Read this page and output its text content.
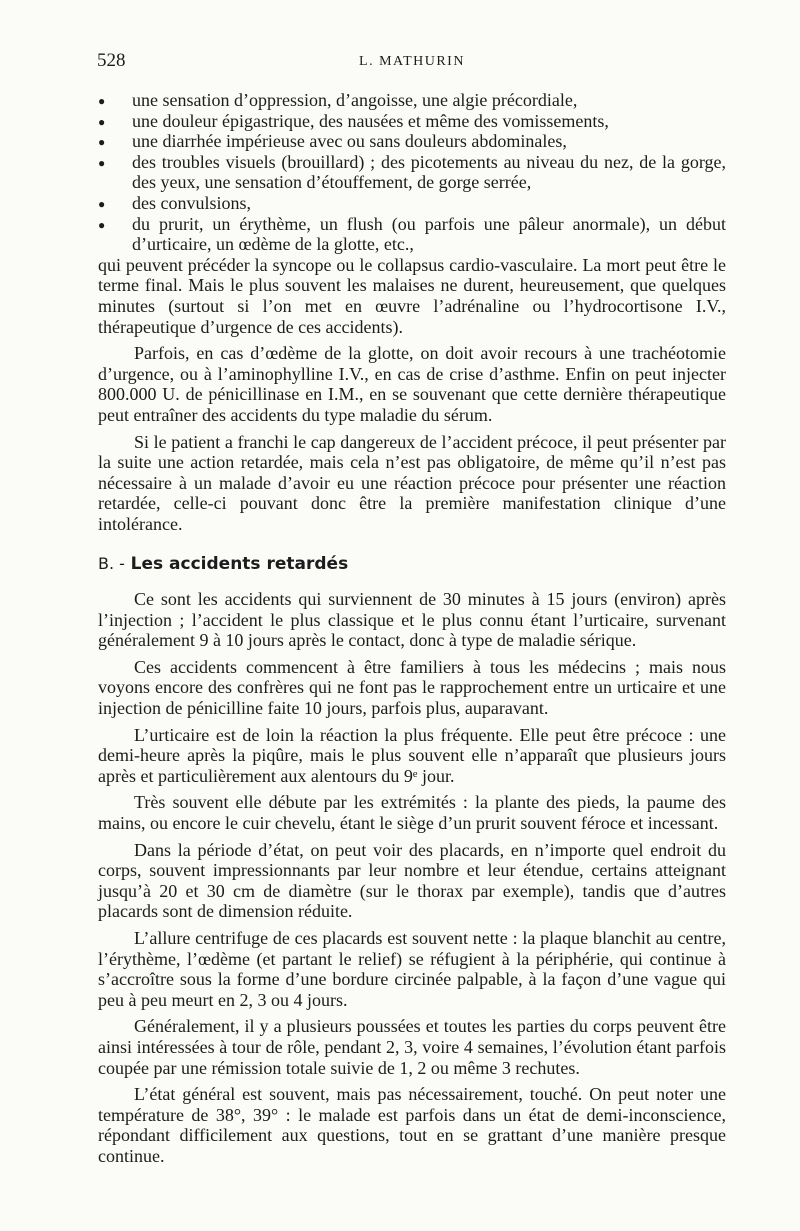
528	L. MATHURIN
● une sensation d’oppression, d’angoisse, une algie précordiale,
● une douleur épigastrique, des nausées et même des vomissements,
● une diarrhée impérieuse avec ou sans douleurs abdominales,
● des troubles visuels (brouillard) ; des picotements au niveau du nez, de la gorge, des yeux, une sensation d’étouffement, de gorge serrée,
● des convulsions,
● du prurit, un érythème, un flush (ou parfois une pâleur anormale), un début d’urticaire, un œdème de la glotte, etc.,

qui peuvent précéder la syncope ou le collapsus cardio-vasculaire. La mort peut être le terme final. Mais le plus souvent les malaises ne durent, heureusement, que quelques minutes (surtout si l’on met en œuvre l’adrénaline ou l’hydrocortisone I.V., thérapeutique d’urgence de ces accidents).

Parfois, en cas d’œdème de la glotte, on doit avoir recours à une trachéotomie d’urgence, ou à l’aminophylline I.V., en cas de crise d’asthme. Enfin on peut injecter 800.000 U. de pénicillinase en I.M., en se souvenant que cette dernière thérapeutique peut entraîner des accidents du type maladie du sérum.

Si le patient a franchi le cap dangereux de l’accident précoce, il peut présenter par la suite une action retardée, mais cela n’est pas obligatoire, de même qu’il n’est pas nécessaire à un malade d’avoir eu une réaction précoce pour présenter une réaction retardée, celle-ci pouvant donc être la première manifestation clinique d’une intolérance.

B. - Les accidents retardés

Ce sont les accidents qui surviennent de 30 minutes à 15 jours (environ) après l’injection ; l’accident le plus classique et le plus connu étant l’urticaire, survenant généralement 9 à 10 jours après le contact, donc à type de maladie sérique.

Ces accidents commencent à être familiers à tous les médecins ; mais nous voyons encore des confrères qui ne font pas le rapprochement entre un urticaire et une injection de pénicilline faite 10 jours, parfois plus, auparavant.

L’urticaire est de loin la réaction la plus fréquente. Elle peut être précoce : une demi-heure après la piqûre, mais le plus souvent elle n’apparaît que plusieurs jours après et particulièrement aux alentours du 9ᵉ jour.

Très souvent elle débute par les extrémités : la plante des pieds, la paume des mains, ou encore le cuir chevelu, étant le siège d’un prurit souvent féroce et incessant.

Dans la période d’état, on peut voir des placards, en n’importe quel endroit du corps, souvent impressionnants par leur nombre et leur étendue, certains atteignant jusqu’à 20 et 30 cm de diamètre (sur le thorax par exemple), tandis que d’autres placards sont de dimension réduite.

L’allure centrifuge de ces placards est souvent nette : la plaque blanchit au centre, l’érythème, l’œdème (et partant le relief) se réfugient à la périphérie, qui continue à s’accroître sous la forme d’une bordure circinée palpable, à la façon d’une vague qui peu à peu meurt en 2, 3 ou 4 jours.

Généralement, il y a plusieurs poussées et toutes les parties du corps peuvent être ainsi intéressées à tour de rôle, pendant 2, 3, voire 4 semaines, l’évolution étant parfois coupée par une rémission totale suivie de 1, 2 ou même 3 rechutes.

L’état général est souvent, mais pas nécessairement, touché. On peut noter une température de 38°, 39° : le malade est parfois dans un état de demi-inconscience, répondant difficilement aux questions, tout en se grattant d’une manière presque continue.
